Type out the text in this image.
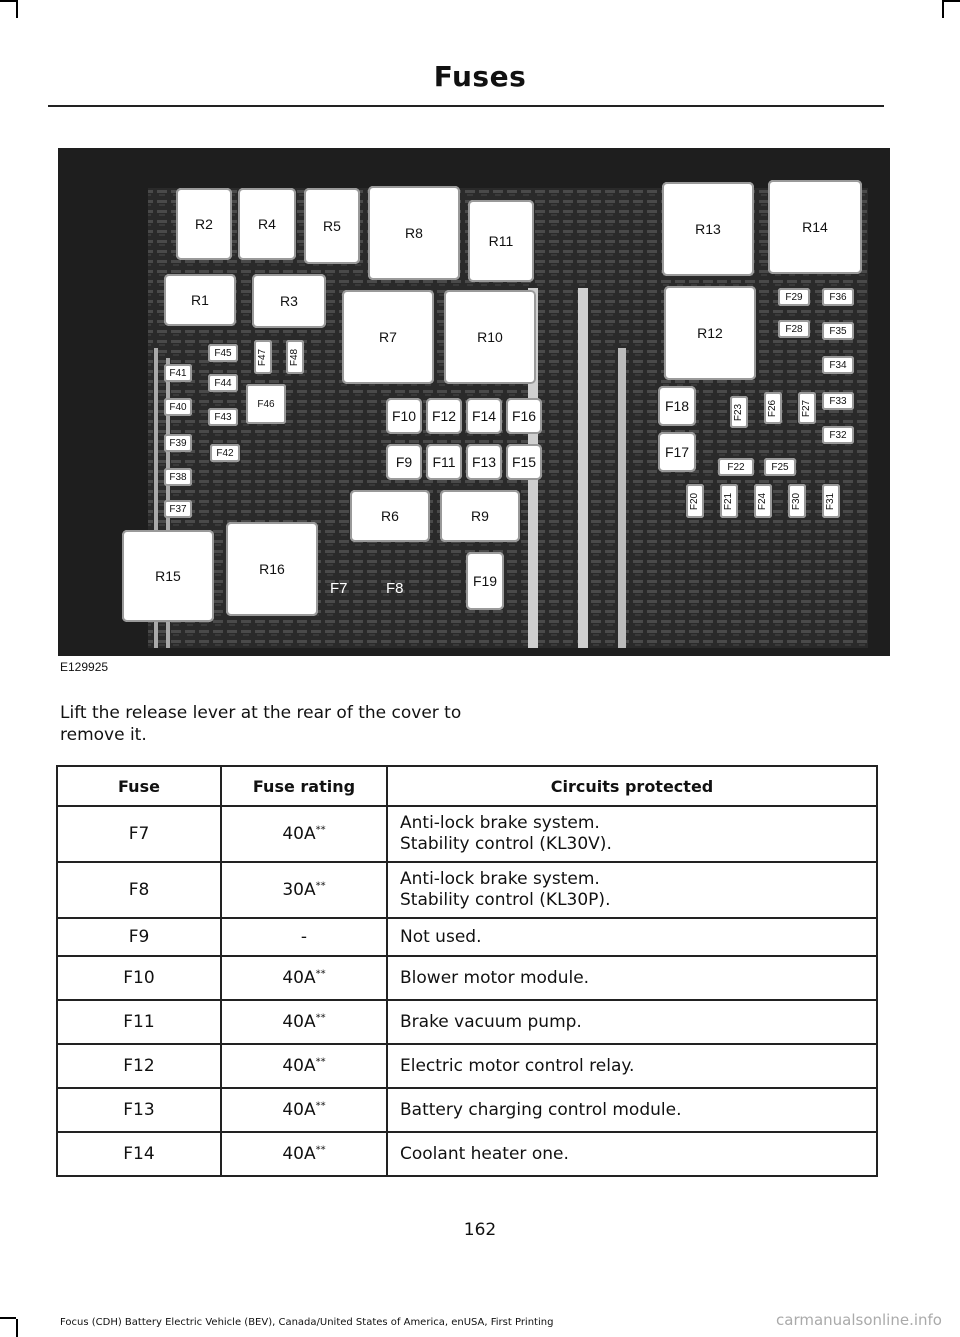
Fuses
R2	R4	R5	R8	R11
R13	R14
R1	R3
R7	R10	R12
R6	R9
R15	R16
F37
F38
F39
F40
F41
F42
F43
F44
F45
F46
F47 F48
F10 F12 F14 F16
F9 F11 F13 F15
F18
F17
F19
F29	F36
F28	F35
F34
F33
F32
F23 F26 F27
F22	F25
F20 F21 F24 F30 F31
F7	F8
E129925
Lift the release lever at the rear of the cover to remove it.
Fuse	Fuse rating	Circuits protected
F7	40A**	Anti-lock brake system.
Stability control (KL30V).

F8	30A**	Anti-lock brake system.
Stability control (KL30P).

F9	-	Not used.

F10	40A**	Blower motor module.

F11	40A**	Brake vacuum pump.

F12	40A**	Electric motor control relay.

F13	40A**	Battery charging control module.

F14	40A**	Coolant heater one.
162
Focus (CDH) Battery Electric Vehicle (BEV), Canada/United States of America, enUSA, First Printing	carmanualsonline.info
